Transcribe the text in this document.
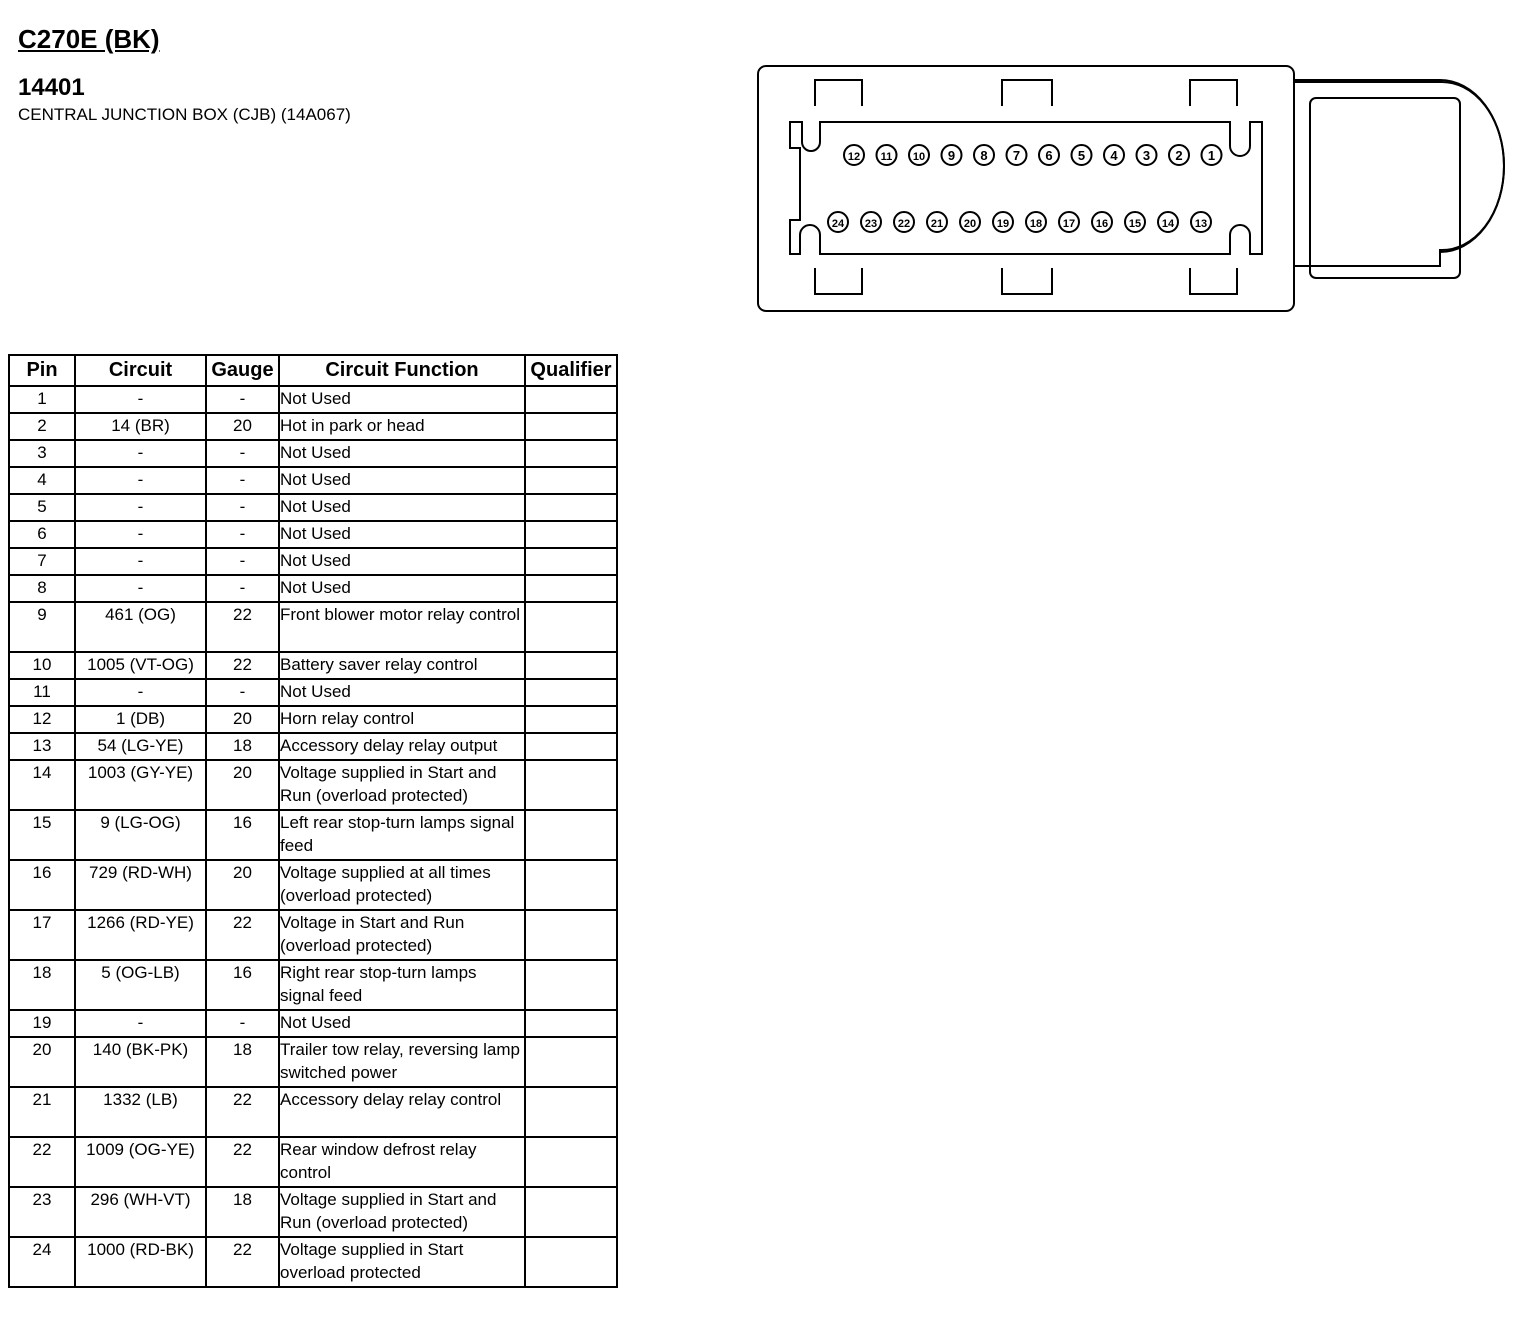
C270E (BK)
14401
CENTRAL JUNCTION BOX (CJB) (14A067)
12 11 10 9 8 7 6 5 4 3 2 1
24 23 22 21 20 19 18 17 16 15 14 13
Pin	Circuit	Gauge	Circuit Function	Qualifier
1	-	-	Not Used	
2	14 (BR)	20	Hot in park or head	
3	-	-	Not Used	
4	-	-	Not Used	
5	-	-	Not Used	
6	-	-	Not Used	
7	-	-	Not Used	
8	-	-	Not Used	
9	461 (OG)	22	Front blower motor relay control	
10	1005 (VT-OG)	22	Battery saver relay control	
11	-	-	Not Used	
12	1 (DB)	20	Horn relay control	
13	54 (LG-YE)	18	Accessory delay relay output	
14	1003 (GY-YE)	20	Voltage supplied in Start and Run (overload protected)	
15	9 (LG-OG)	16	Left rear stop-turn lamps signal feed	
16	729 (RD-WH)	20	Voltage supplied at all times (overload protected)	
17	1266 (RD-YE)	22	Voltage in Start and Run (overload protected)	
18	5 (OG-LB)	16	Right rear stop-turn lamps signal feed	
19	-	-	Not Used	
20	140 (BK-PK)	18	Trailer tow relay, reversing lamp switched power	
21	1332 (LB)	22	Accessory delay relay control	
22	1009 (OG-YE)	22	Rear window defrost relay control	
23	296 (WH-VT)	18	Voltage supplied in Start and Run (overload protected)	
24	1000 (RD-BK)	22	Voltage supplied in Start overload protected	
